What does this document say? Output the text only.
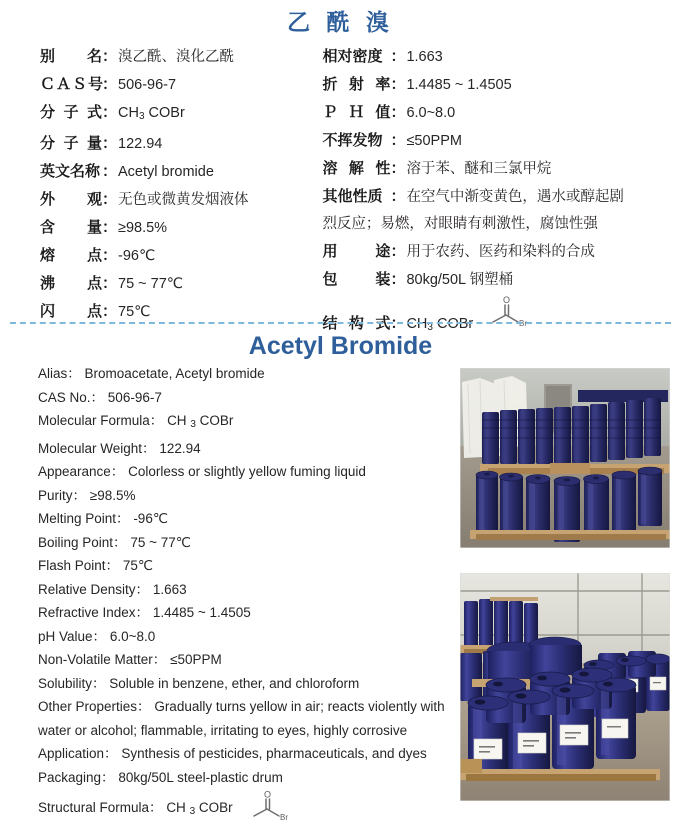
乙 酰 溴
别 名 ： 溴乙酰、溴化乙酰
ＣＡＳ号
： 506-96-7
分 子 式 ： $CH_3$ COBr
分 子 量 ： 122.94
英文名称 ： Acetyl bromide
外 观 ： 无色或微黄发烟液体
含 量 ： ≥98.5%
熔 点 ： -96℃
沸 点 ： 75 ~ 77℃
闪 点 ： 75℃
相对密度 ： 1.663
折 射 率 ： 1.4485 ~ 1.4505
Ｐ Ｈ 值 ： 6.0~8.0
不挥发物 ： ≤50PPM
溶 解 性 ： 溶于苯、醚和三氯甲烷
其他性质 ： 在空气中渐变黄色，遇水或醇起剧
烈反应；易燃，对眼睛有刺激性，腐蚀性强
用	途 ： 用于农药、医药和染料的合成
包	装 ： 80kg/50L 钢塑桶
结 构 式 ： $CH_3$ COBr
O
Br
Acetyl Bromide
Alias： Bromoacetate, Acetyl bromide
CAS No.： 506-96-7
Molecular Formula： CH $_3$ COBr
Molecular Weight： 122.94
Appearance： Colorless or slightly yellow fuming liquid
Purity： ≥98.5%
Melting Point： -96℃
Boiling Point： 75 ~ 77℃
Flash Point： 75℃
Relative Density： 1.663
Refractive Index： 1.4485 ~ 1.4505
pH Value： 6.0~8.0
Non-Volatile Matter： ≤50PPM
Solubility： Soluble in benzene, ether, and chloroform
Other Properties： Gradually turns yellow in air; reacts violently with water or alcohol; flammable, irritating to eyes, highly corrosive
Application： Synthesis of pesticides, pharmaceuticals, and dyes
Packaging： 80kg/50L steel-plastic drum
Structural Formula： CH $_3$ COBr
O
Br
